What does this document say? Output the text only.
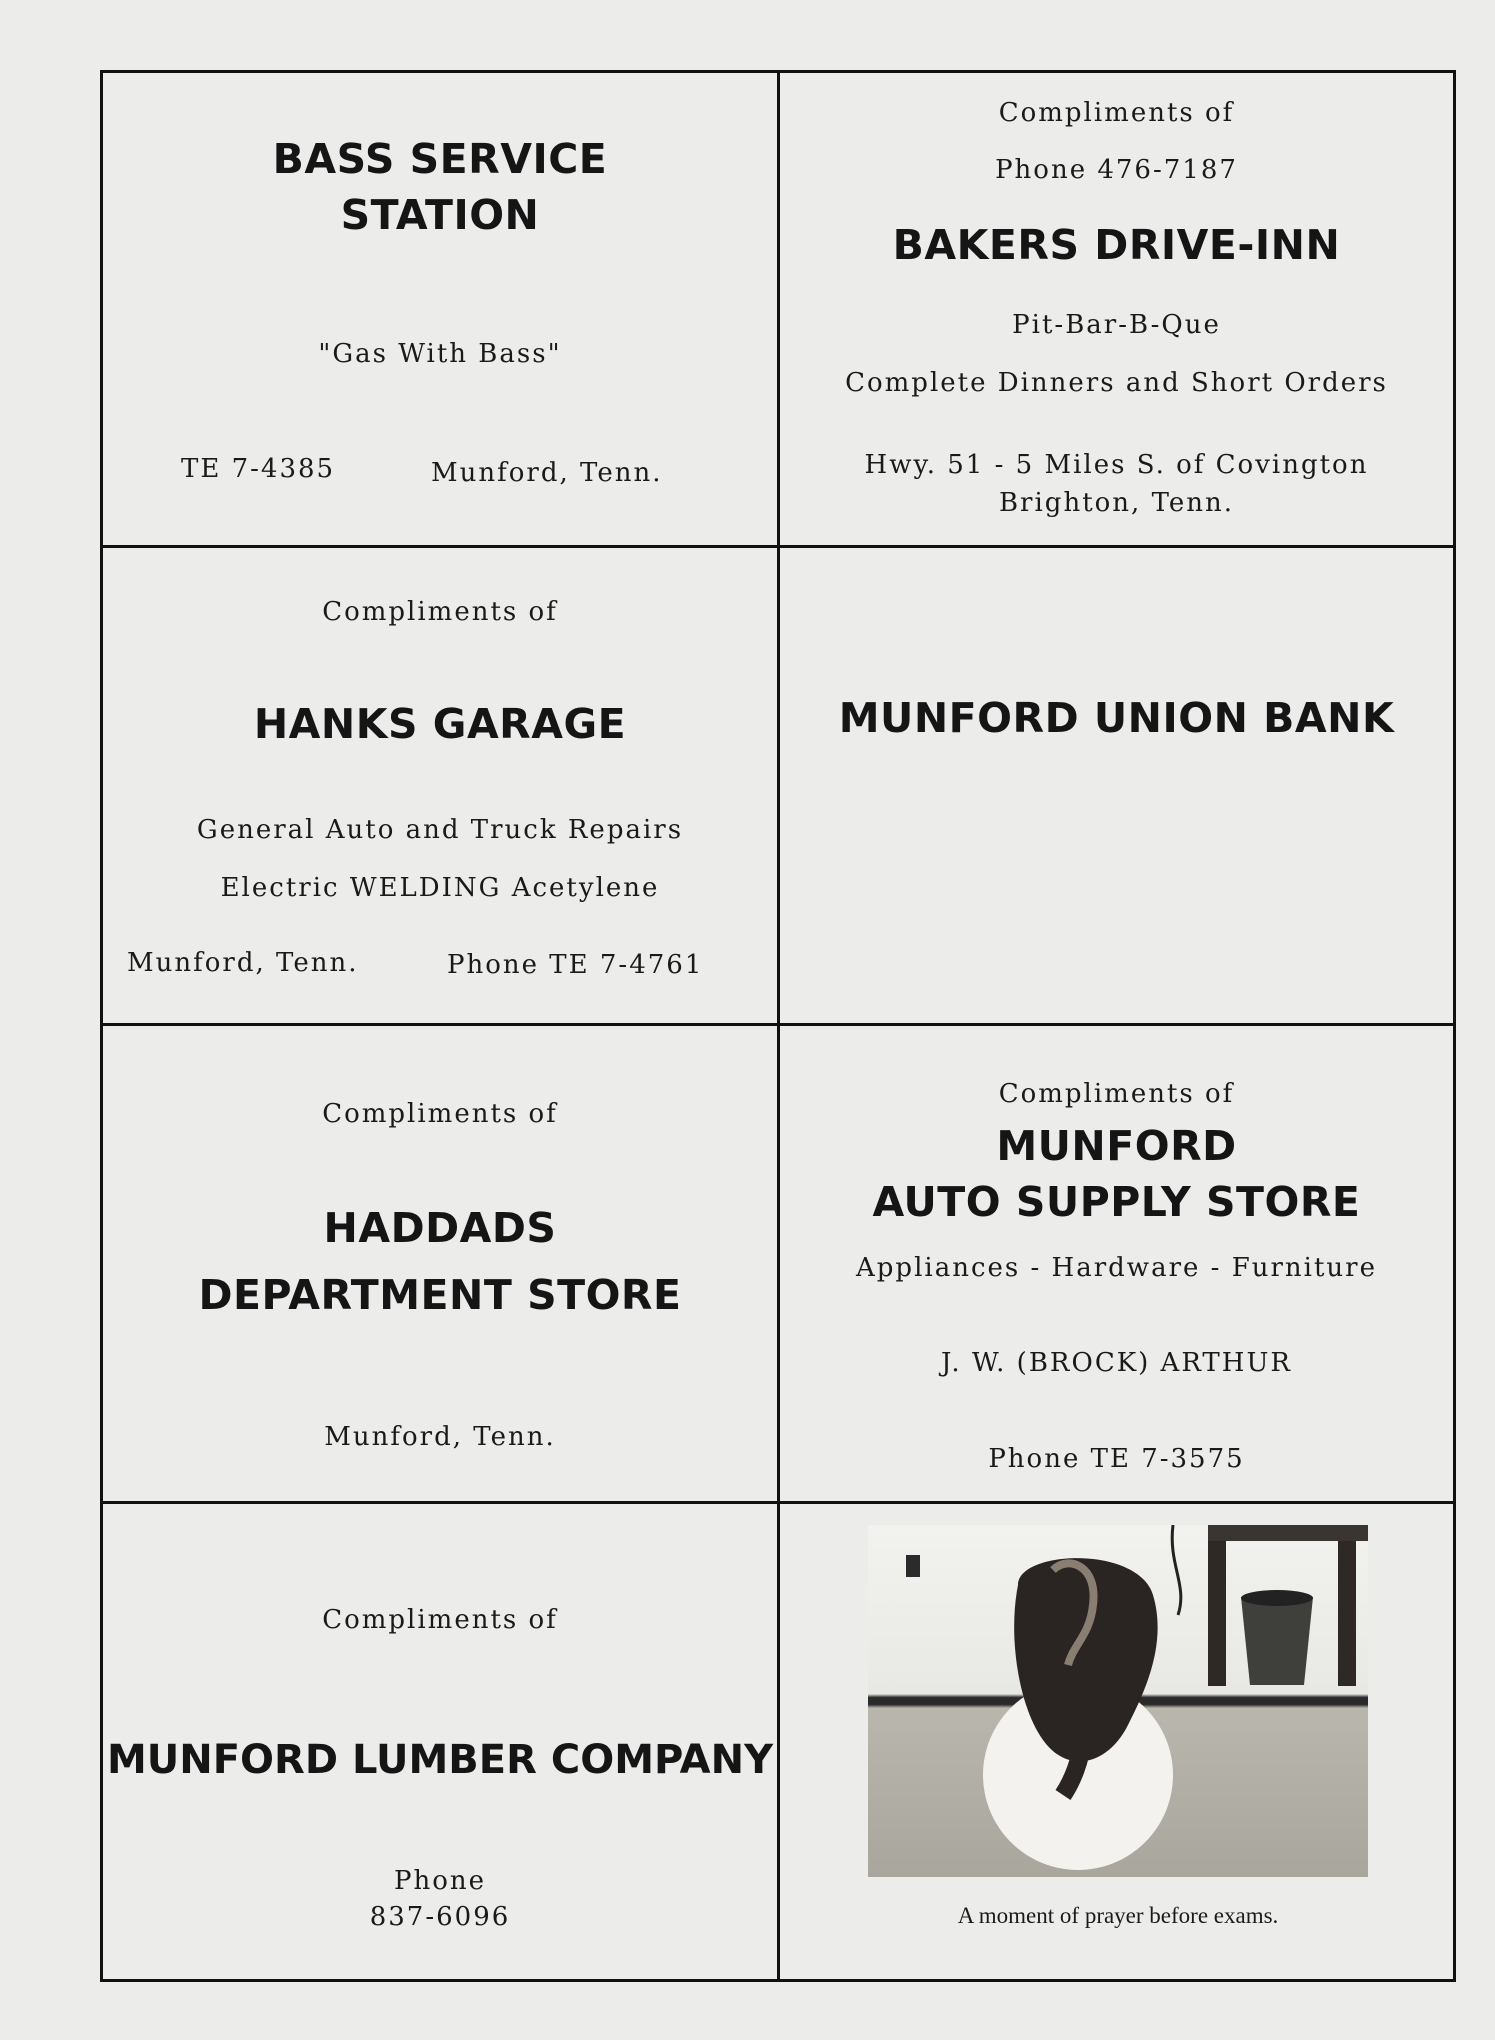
BASS SERVICE
STATION
"Gas With Bass"
TE 7-4385	Munford, Tenn.
Compliments of
Phone 476-7187
BAKERS DRIVE-INN
Pit-Bar-B-Que
Complete Dinners and Short Orders
Hwy. 51 - 5 Miles S. of Covington
Brighton, Tenn.
Compliments of
HANKS GARAGE
General Auto and Truck Repairs
Electric WELDING Acetylene
Munford, Tenn.	Phone TE 7-4761
MUNFORD UNION BANK
Compliments of
HADDADS
DEPARTMENT STORE
Munford, Tenn.
Compliments of
MUNFORD
AUTO SUPPLY STORE
Appliances - Hardware - Furniture
J. W. (BROCK) ARTHUR
Phone TE 7-3575
Compliments of
MUNFORD LUMBER COMPANY
Phone
837-6096	A moment of prayer before exams.
